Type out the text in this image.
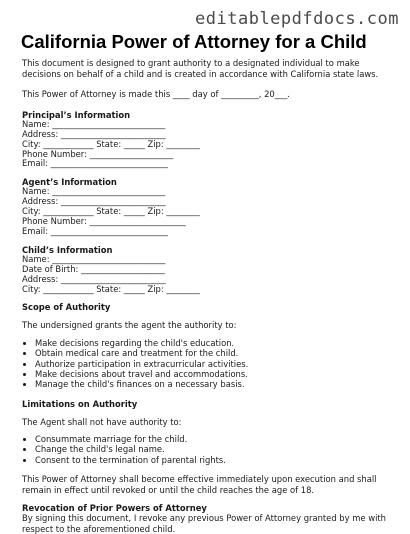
editablepdfdocs.com
California Power of Attorney for a Child

This document is designed to grant authority to a designated individual to make decisions on behalf of a child and is created in accordance with California state laws.

This Power of Attorney is made this ____ day of _________, 20___.

Principal’s Information
Name: ___________________________
Address: _________________________
City: ____________ State: _____ Zip: ________
Phone Number: ____________________
Email: ____________________________
Agent’s Information
Name: ___________________________
Address: _________________________
City: ____________ State: _____ Zip: ________
Phone Number: _______________________
Email: ____________________________
Child’s Information
Name: ___________________________
Date of Birth: ____________________
Address: _________________________
City: ____________ State: _____ Zip: ________
Scope of Authority

The undersigned grants the agent the authority to:

• Make decisions regarding the child's education.
• Obtain medical care and treatment for the child.
• Authorize participation in extracurricular activities.
• Make decisions about travel and accommodations.
• Manage the child's finances on a necessary basis.
Limitations on Authority

The Agent shall not have authority to:

• Consummate marriage for the child.
• Change the child's legal name.
• Consent to the termination of parental rights.

This Power of Attorney shall become effective immediately upon execution and shall remain in effect until revoked or until the child reaches the age of 18.

Revocation of Prior Powers of Attorney

By signing this document, I revoke any previous Power of Attorney granted by me with respect to the aforementioned child.
